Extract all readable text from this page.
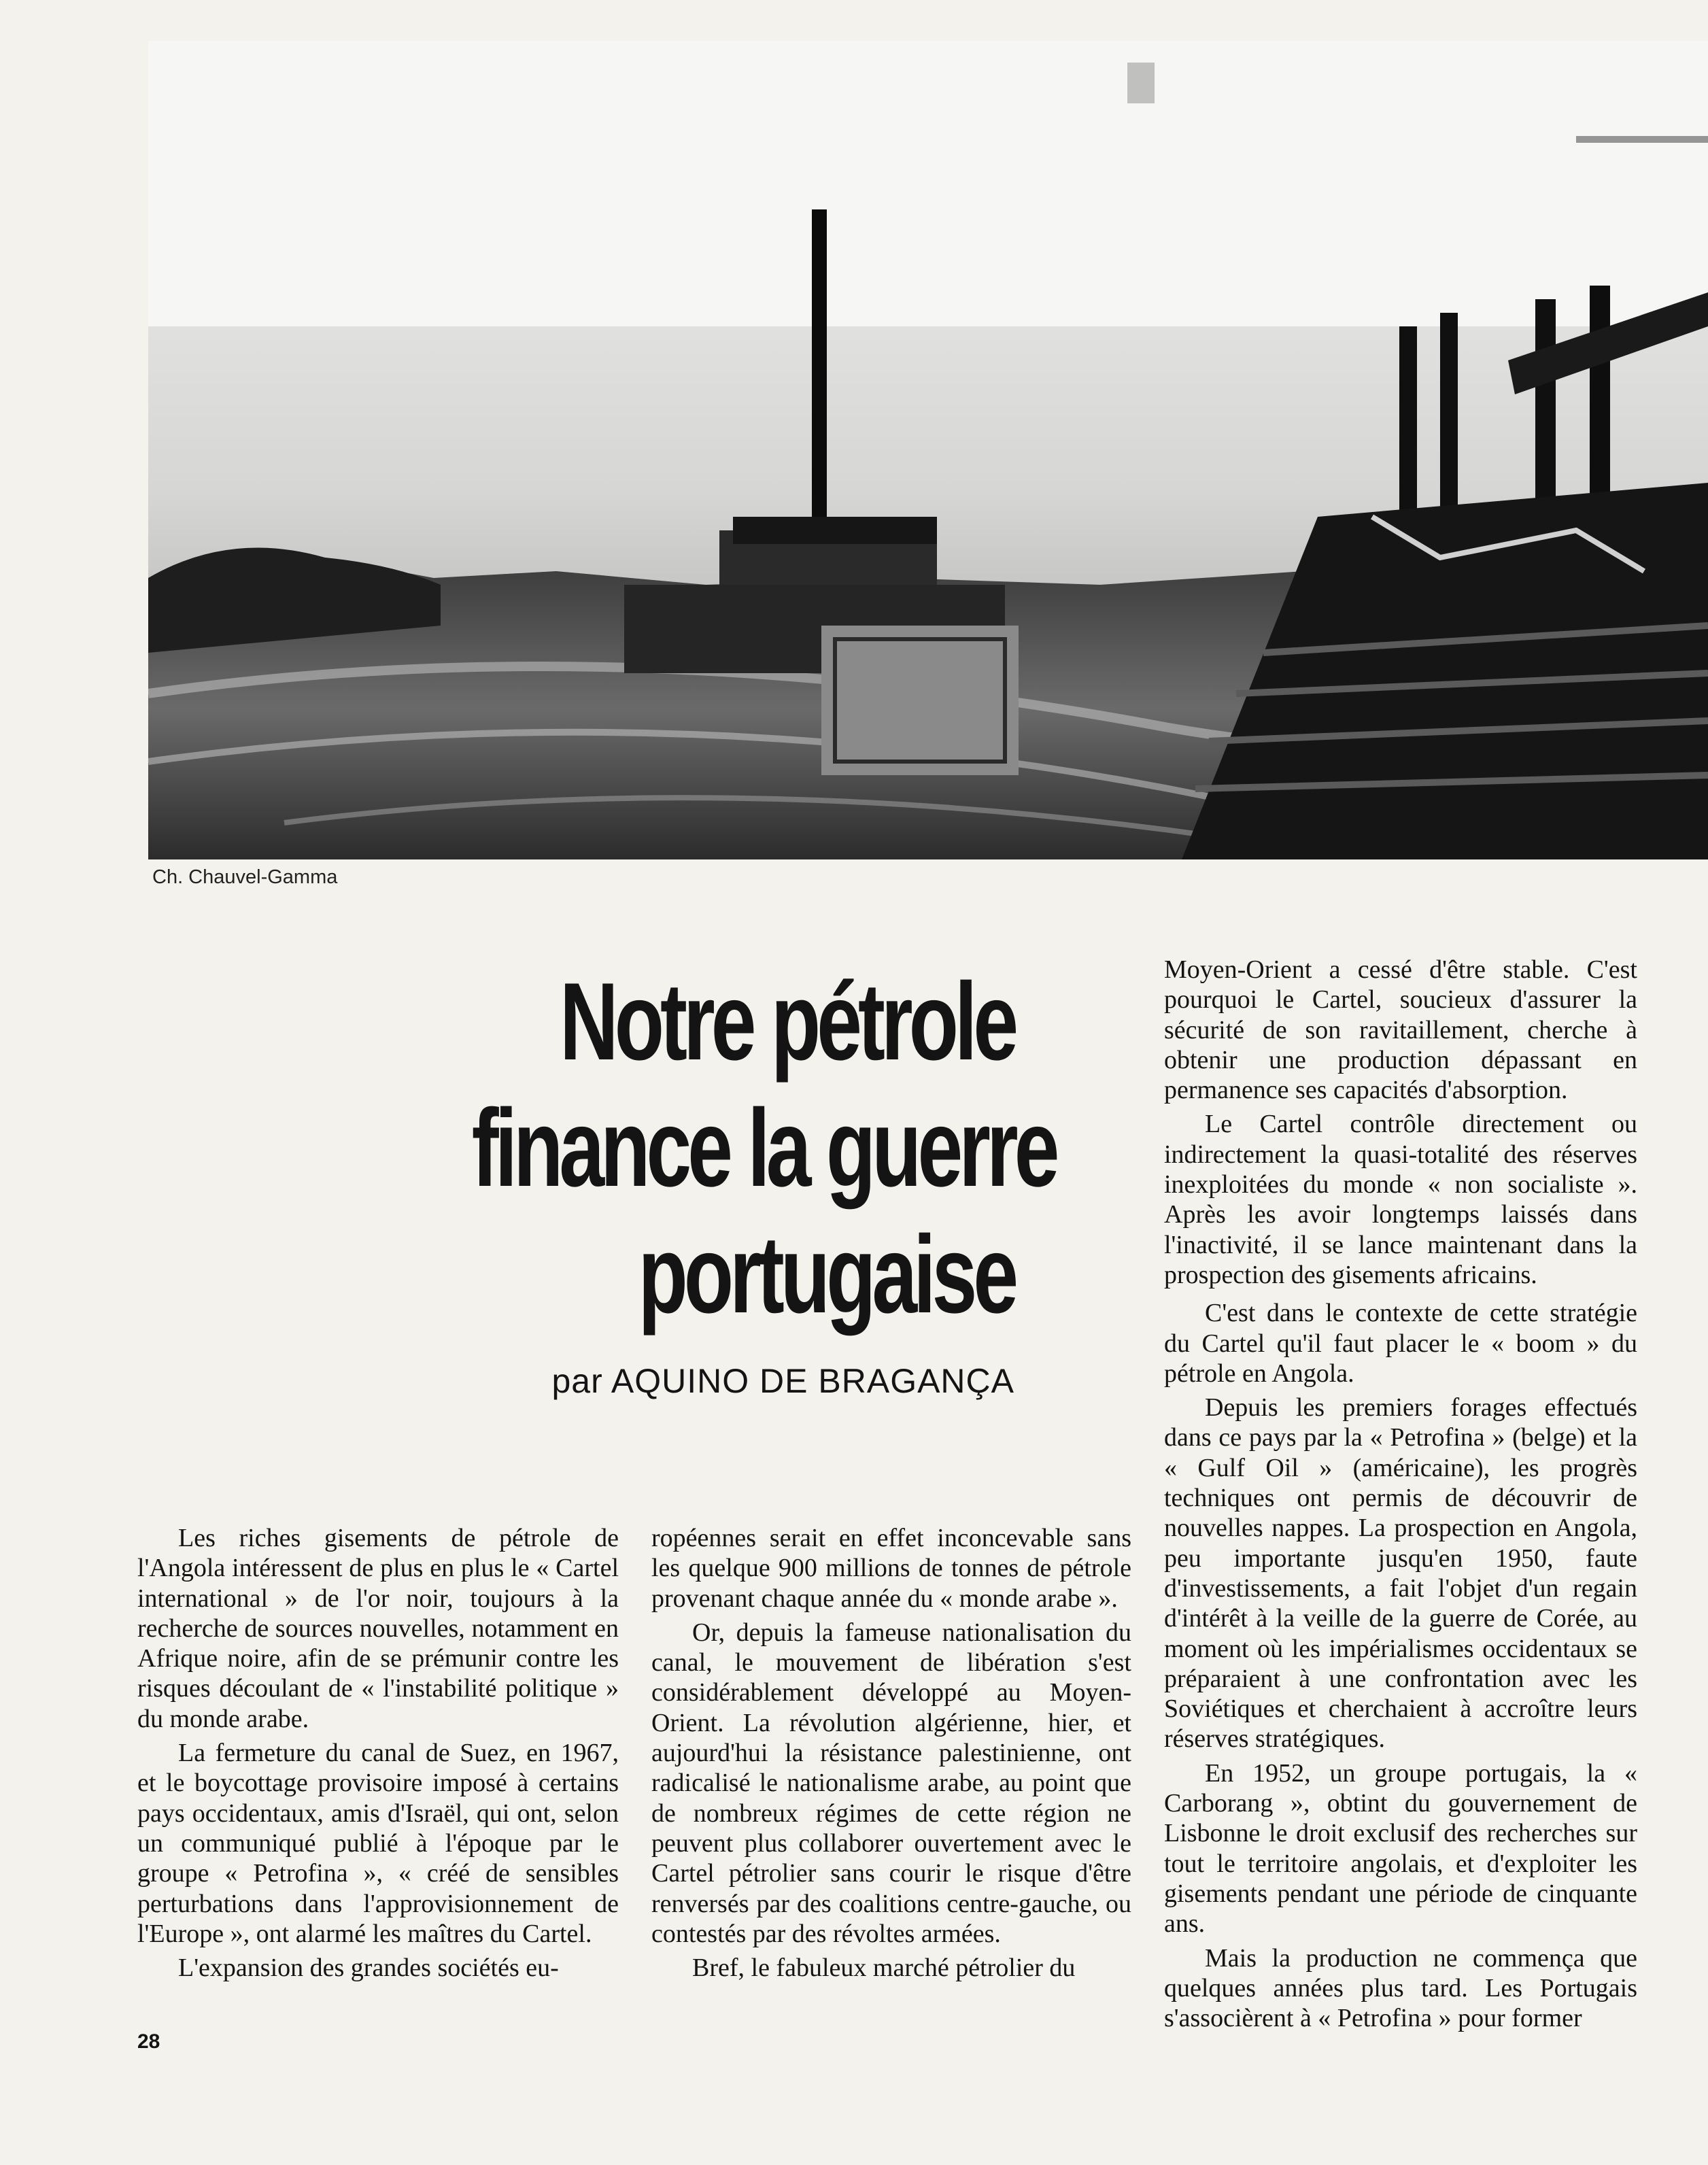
Ch. Chauvel-Gamma
Notre pétrole
finance la guerre
portugaise
par AQUINO DE BRAGANÇA

Les riches gisements de pétrole de l'Angola intéressent de plus en plus le « Cartel international » de l'or noir, toujours à la recherche de sources nouvelles, notamment en Afrique noire, afin de se prémunir contre les risques découlant de « l'instabilité politique » du monde arabe.

La fermeture du canal de Suez, en 1967, et le boycottage provisoire imposé à certains pays occidentaux, amis d'Israël, qui ont, selon un communiqué publié à l'époque par le groupe « Petrofina », « créé de sensibles perturbations dans l'approvisionnement de l'Europe », ont alarmé les maîtres du Cartel.

L'expansion des grandes sociétés eu-

ropéennes serait en effet inconcevable sans les quelque 900 millions de tonnes de pétrole provenant chaque année du « monde arabe ».

Or, depuis la fameuse nationalisation du canal, le mouvement de libération s'est considérablement développé au Moyen-Orient. La révolution algérienne, hier, et aujourd'hui la résistance palestinienne, ont radicalisé le nationalisme arabe, au point que de nombreux régimes de cette région ne peuvent plus collaborer ouvertement avec le Cartel pétrolier sans courir le risque d'être renversés par des coalitions centre-gauche, ou contestés par des révoltes armées.

Bref, le fabuleux marché pétrolier du

Moyen-Orient a cessé d'être stable. C'est pourquoi le Cartel, soucieux d'assurer la sécurité de son ravitaillement, cherche à obtenir une production dépassant en permanence ses capacités d'absorption.

Le Cartel contrôle directement ou indirectement la quasi-totalité des réserves inexploitées du monde « non socialiste ». Après les avoir longtemps laissés dans l'inactivité, il se lance maintenant dans la prospection des gisements africains.

C'est dans le contexte de cette stratégie du Cartel qu'il faut placer le « boom » du pétrole en Angola.

Depuis les premiers forages effectués dans ce pays par la « Petrofina » (belge) et la « Gulf Oil » (américaine), les progrès techniques ont permis de découvrir de nouvelles nappes. La prospection en Angola, peu importante jusqu'en 1950, faute d'investissements, a fait l'objet d'un regain d'intérêt à la veille de la guerre de Corée, au moment où les impérialismes occidentaux se préparaient à une confrontation avec les Soviétiques et cherchaient à accroître leurs réserves stratégiques.

En 1952, un groupe portugais, la « Carborang », obtint du gouvernement de Lisbonne le droit exclusif des recherches sur tout le territoire angolais, et d'exploiter les gisements pendant une période de cinquante ans.

Mais la production ne commença que quelques années plus tard. Les Portugais s'associèrent à « Petrofina » pour former

28
